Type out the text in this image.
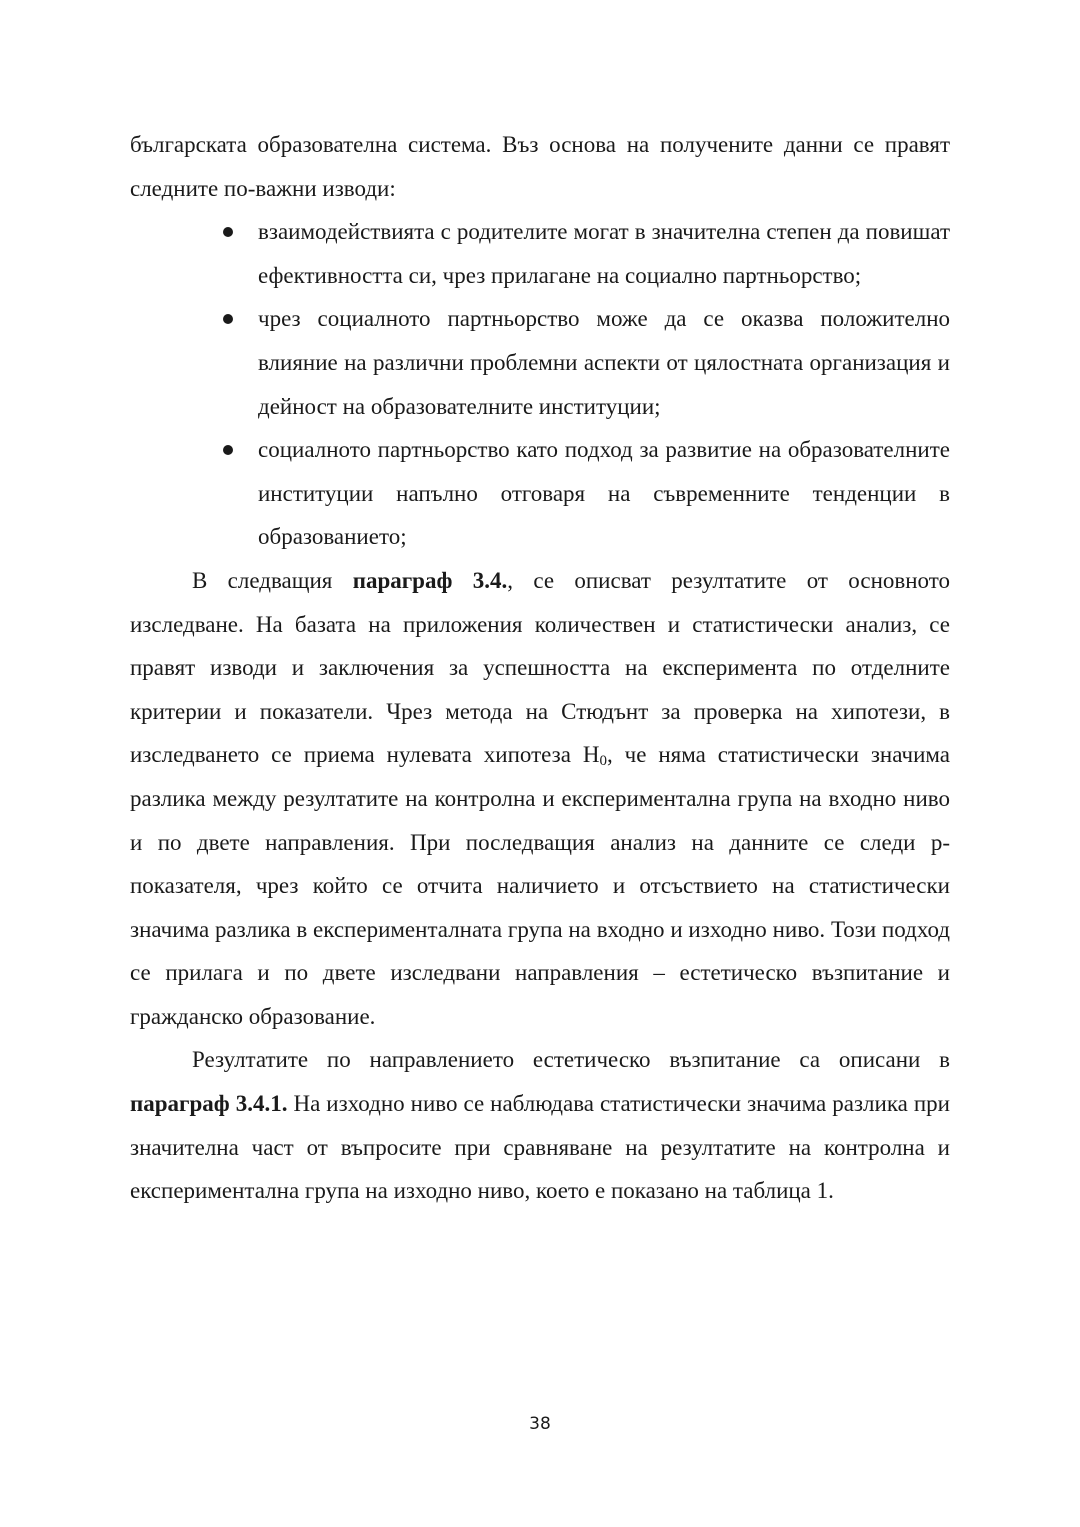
българската образователна система. Въз основа на получените данни се правят следните по-важни изводи:

взаимодействията с родителите могат в значителна степен да повишат ефективността си, чрез прилагане на социално партньорство;
чрез социалното партньорство може да се оказва положително влияние на различни проблемни аспекти от цялостната организация и дейност на образователните институции;
социалното партньорство като подход за развитие на образователните институции напълно отговаря на съвременните тенденции в образованието;

В следващия параграф 3.4., се описват резултатите от основното изследване. На базата на приложения количествен и статистически анализ, се правят изводи и заключения за успешността на експеримента по отделните критерии и показатели. Чрез метода на Стюдънт за проверка на хипотези, в изследването се приема нулевата хипотеза $Н_0$, че няма статистически значима разлика между резултатите на контролна и експериментална група на входно ниво и по двете направления. При последващия анализ на данните се следи р-показателя, чрез който се отчита наличието и отсъствието на статистически значима разлика в експерименталната група на входно и изходно ниво. Този подход се прилага и по двете изследвани направления – естетическо възпитание и гражданско образование.

Резултатите по направлението естетическо възпитание са описани в параграф 3.4.1. На изходно ниво се наблюдава статистически значима разлика при значителна част от въпросите при сравняване на резултатите на контролна и експериментална група на изходно ниво, което е показано на таблица 1.

38
